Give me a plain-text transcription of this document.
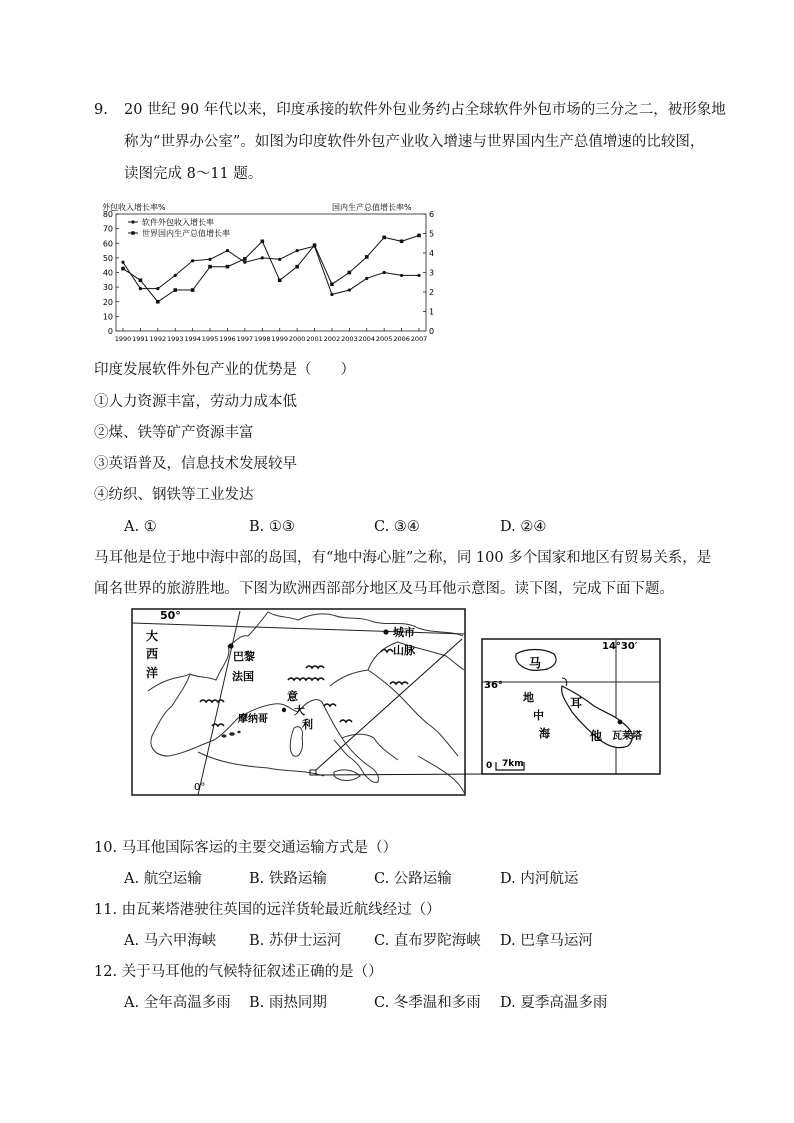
9. 20 世纪 90 年代以来，印度承接的软件外包业务约占全球软件外包市场的三分之二，被形象地
称为“世界办公室”。如图为印度软件外包产业收入增速与世界国内生产总值增速的比较图，
读图完成 8～11 题。
外包收入增长率%	国内生产总值增长率%
软件外包收入增长率
世界国内生产总值增长率
0
10
20
30
40
50
60
70
80
0
1
2
3
4
5
6
1990 1991 1992 1993 1994 1995 1996 1997 1998 1999 2000 2001 2002 2003 2004 2005 2006 2007
印度发展软件外包产业的优势是（　　）
①人力资源丰富，劳动力成本低
②煤、铁等矿产资源丰富
③英语普及，信息技术发展较早
④纺织、钢铁等工业发达
A. ①	B. ①③	C. ③④	D. ②④
马耳他是位于地中海中部的岛国，有“地中海心脏”之称，同 100 多个国家和地区有贸易关系，是
闻名世界的旅游胜地。下图为欧洲西部部分地区及马耳他示意图。读下图，完成下面下题。
50°
大
西
洋
巴黎
法国
意
大
利
摩纳哥
0°
城市
山脉	14°30′
36°
马
耳
他 瓦莱塔
地
中
海
0 7km
10. 马耳他国际客运的主要交通运输方式是（）
A. 航空运输	B. 铁路运输	C. 公路运输	D. 内河航运
11. 由瓦莱塔港驶往英国的远洋货轮最近航线经过（）
A. 马六甲海峡 B. 苏伊士运河 C. 直布罗陀海峡 D. 巴拿马运河
12. 关于马耳他的气候特征叙述正确的是（）
A. 全年高温多雨 B. 雨热同期	C. 冬季温和多雨 D. 夏季高温多雨
